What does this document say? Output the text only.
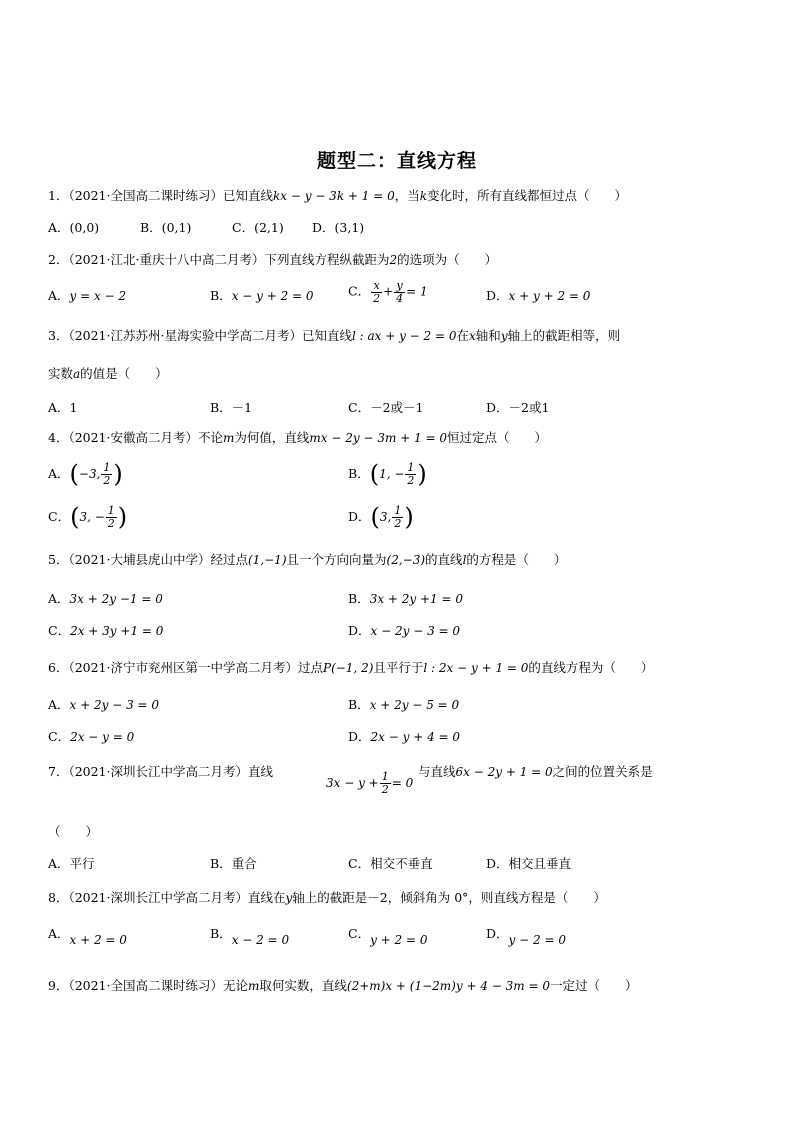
题型二：直线方程
1．（2021·全国高二课时练习）已知直线kx − y − 3k + 1 = 0，当k变化时，所有直线都恒过点（　　）
A．(0,0)	B．(0,1)	C．(2,1) D．(3,1)
2．（2021·江北·重庆十八中高二月考）下列直线方程纵截距为2的选项为（　　）
A．y = x − 2	B．x − y + 2 = 0	C． $\frac{x}{2} + \frac{y}{4} = 1$	D．x + y + 2 = 0
3．（2021·江苏苏州·星海实验中学高二月考）已知直线l : ax + y − 2 = 0在x轴和y轴上的截距相等，则
实数a的值是（　　）
A．1	B．－1	C．－2或－1	D．－2或1
4．（2021·安徽高二月考）不论m为何值，直线mx − 2y − 3m + 1 = 0恒过定点（　　）
A．(−3, $\frac{1}{2}$ )	B．(1, − $\frac{1}{2}$ )
C．(3, − $\frac{1}{2}$ )	D．(3, $\frac{1}{2}$ )
5．（2021·大埔县虎山中学）经过点(1,−1)且一个方向向量为(2,−3)的直线l的方程是（　　）
A．3x + 2y −1 = 0	B．3x + 2y +1 = 0
C．2x + 3y +1 = 0	D．x − 2y − 3 = 0
6．（2021·济宁市兖州区第一中学高二月考）过点P(−1, 2)且平行于l : 2x − y + 1 = 0的直线方程为（　　）
A．x + 2y − 3 = 0	B．x + 2y − 5 = 0
C．2x − y = 0	D．2x − y + 4 = 0
7．（2021·深圳长江中学高二月考）直线
$3x - y + \frac{1}{2} = 0$
与直线6x − 2y + 1 = 0之间的位置关系是
（　　）
A．平行	B．重合	C．相交不垂直	D．相交且垂直
8．（2021·深圳长江中学高二月考）直线在y轴上的截距是－2，倾斜角为 0°，则直线方程是（　　）
A．x + 2 = 0	B．x − 2 = 0	C．y + 2 = 0	D．y − 2 = 0
9．（2021·全国高二课时练习）无论m取何实数，直线(2+m)x + (1−2m)y + 4 − 3m = 0一定过（　　）
